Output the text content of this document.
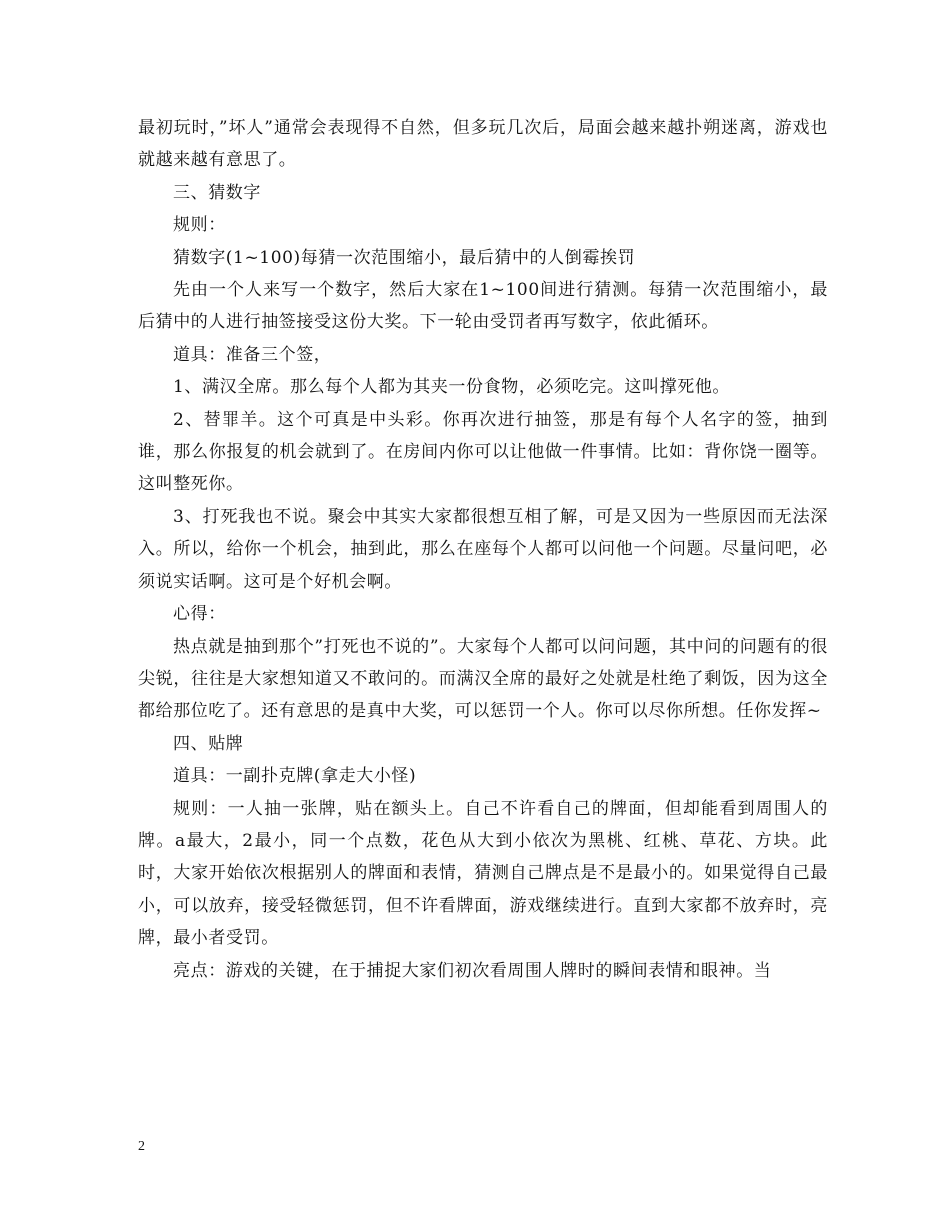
最初玩时，”坏人”通常会表现得不自然，但多玩几次后，局面会越来越扑朔迷离，游戏也就越来越有意思了。

三、猜数字

规则：

猜数字(1~100)每猜一次范围缩小，最后猜中的人倒霉挨罚

先由一个人来写一个数字，然后大家在1~100间进行猜测。每猜一次范围缩小，最后猜中的人进行抽签接受这份大奖。下一轮由受罚者再写数字，依此循环。

道具：准备三个签，

1、满汉全席。那么每个人都为其夹一份食物，必须吃完。这叫撑死他。

2、替罪羊。这个可真是中头彩。你再次进行抽签，那是有每个人名字的签，抽到谁，那么你报复的机会就到了。在房间内你可以让他做一件事情。比如：背你饶一圈等。这叫整死你。

3、打死我也不说。聚会中其实大家都很想互相了解，可是又因为一些原因而无法深入。所以，给你一个机会，抽到此，那么在座每个人都可以问他一个问题。尽量问吧，必须说实话啊。这可是个好机会啊。

心得：

热点就是抽到那个”打死也不说的”。大家每个人都可以问问题，其中问的问题有的很尖锐，往往是大家想知道又不敢问的。而满汉全席的最好之处就是杜绝了剩饭，因为这全都给那位吃了。还有意思的是真中大奖，可以惩罚一个人。你可以尽你所想。任你发挥~

四、贴牌

道具：一副扑克牌(拿走大小怪)

规则：一人抽一张牌，贴在额头上。自己不许看自己的牌面，但却能看到周围人的牌。a最大，2最小，同一个点数，花色从大到小依次为黑桃、红桃、草花、方块。此时，大家开始依次根据别人的牌面和表情，猜测自己牌点是不是最小的。如果觉得自己最小，可以放弃，接受轻微惩罚，但不许看牌面，游戏继续进行。直到大家都不放弃时，亮牌，最小者受罚。

亮点：游戏的关键，在于捕捉大家们初次看周围人牌时的瞬间表情和眼神。当

2
